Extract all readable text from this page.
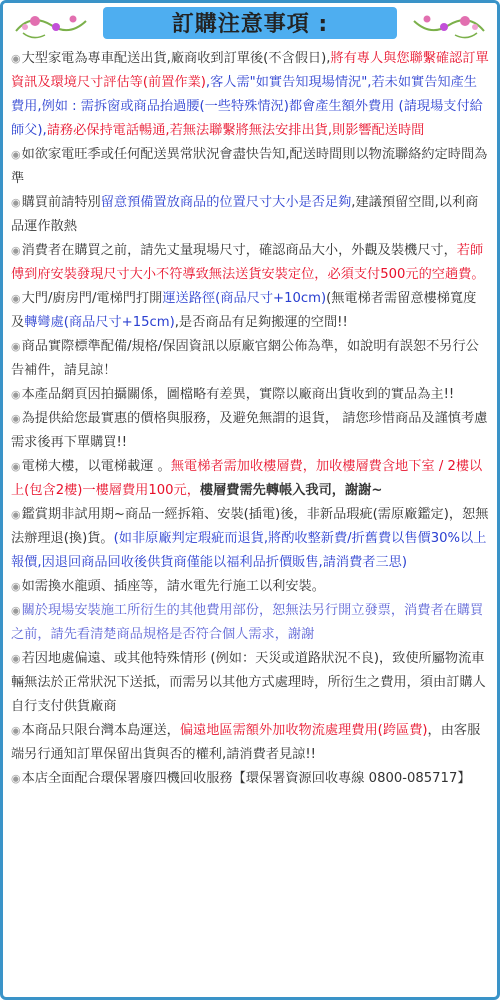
訂購注意事項 :

◉大型家電為專車配送出貨,廠商收到訂單後(不含假日),將有專人與您聯繫確認訂單資訊及環境尺寸評估等(前置作業),客人需"如實告知現場情況",若未如實告知產生費用,例如 : 需拆窗或商品抬過腰(一些特殊情況)都會產生額外費用 (請現場支付給師父),請務必保持電話暢通,若無法聯繫將無法安排出貨,則影響配送時間

◉如欲家電旺季或任何配送異常狀況會盡快告知,配送時間則以物流聯絡約定時間為準

◉購買前請特別留意預備置放商品的位置尺寸大小是否足夠,建議預留空間,以利商品運作散熱

◉消費者在購買之前，請先丈量現場尺寸，確認商品大小，外觀及裝機尺寸，若師傅到府安裝發現尺寸大小不符導致無法送貨安裝定位，必須支付500元的空趟費。

◉大門/廚房門/電梯門打開運送路徑(商品尺寸+10cm)(無電梯者需留意樓梯寬度及轉彎處(商品尺寸+15cm),是否商品有足夠搬運的空間!!

◉商品實際標準配備/規格/保固資訊以原廠官網公佈為準，如說明有誤恕不另行公告補件，請見諒！

◉本產品網頁因拍攝關係，圖檔略有差異，實際以廠商出貨收到的實品為主!!

◉為提供給您最實惠的價格與服務，及避免無謂的退貨， 請您珍惜商品及謹慎考慮需求後再下單購買!!

◉電梯大樓，以電梯載運 。無電梯者需加收樓層費，加收樓層費含地下室 / 2樓以上(包含2樓)一樓層費用100元，樓層費需先轉帳入我司，謝謝~

◉鑑賞期非試用期~商品一經拆箱、安裝(插電)後，非新品瑕疵(需原廠鑑定)，恕無法辦理退(換)貨。(如非原廠判定瑕疵而退貨,將酌收整新費/折舊費以售價30%以上報價,因退回商品回收後供貨商僅能以福利品折價販售,請消費者三思)

◉如需換水龍頭、插座等，請水電先行施工以利安裝。

◉關於現場安裝施工所衍生的其他費用部份，恕無法另行開立發票，消費者在購買之前，請先看清楚商品規格是否符合個人需求，謝謝

◉若因地處偏遠、或其他特殊情形 (例如：天災或道路狀況不良)，致使所屬物流車輛無法於正常狀況下送抵，而需另以其他方式處理時，所衍生之費用，須由訂購人自行支付供貨廠商

◉本商品只限台灣本島運送，偏遠地區需額外加收物流處理費用(跨區費)，由客服端另行通知訂單保留出貨與否的權利,請消費者見諒!!

◉本店全面配合環保署廢四機回收服務【環保署資源回收專線 0800-085717】
